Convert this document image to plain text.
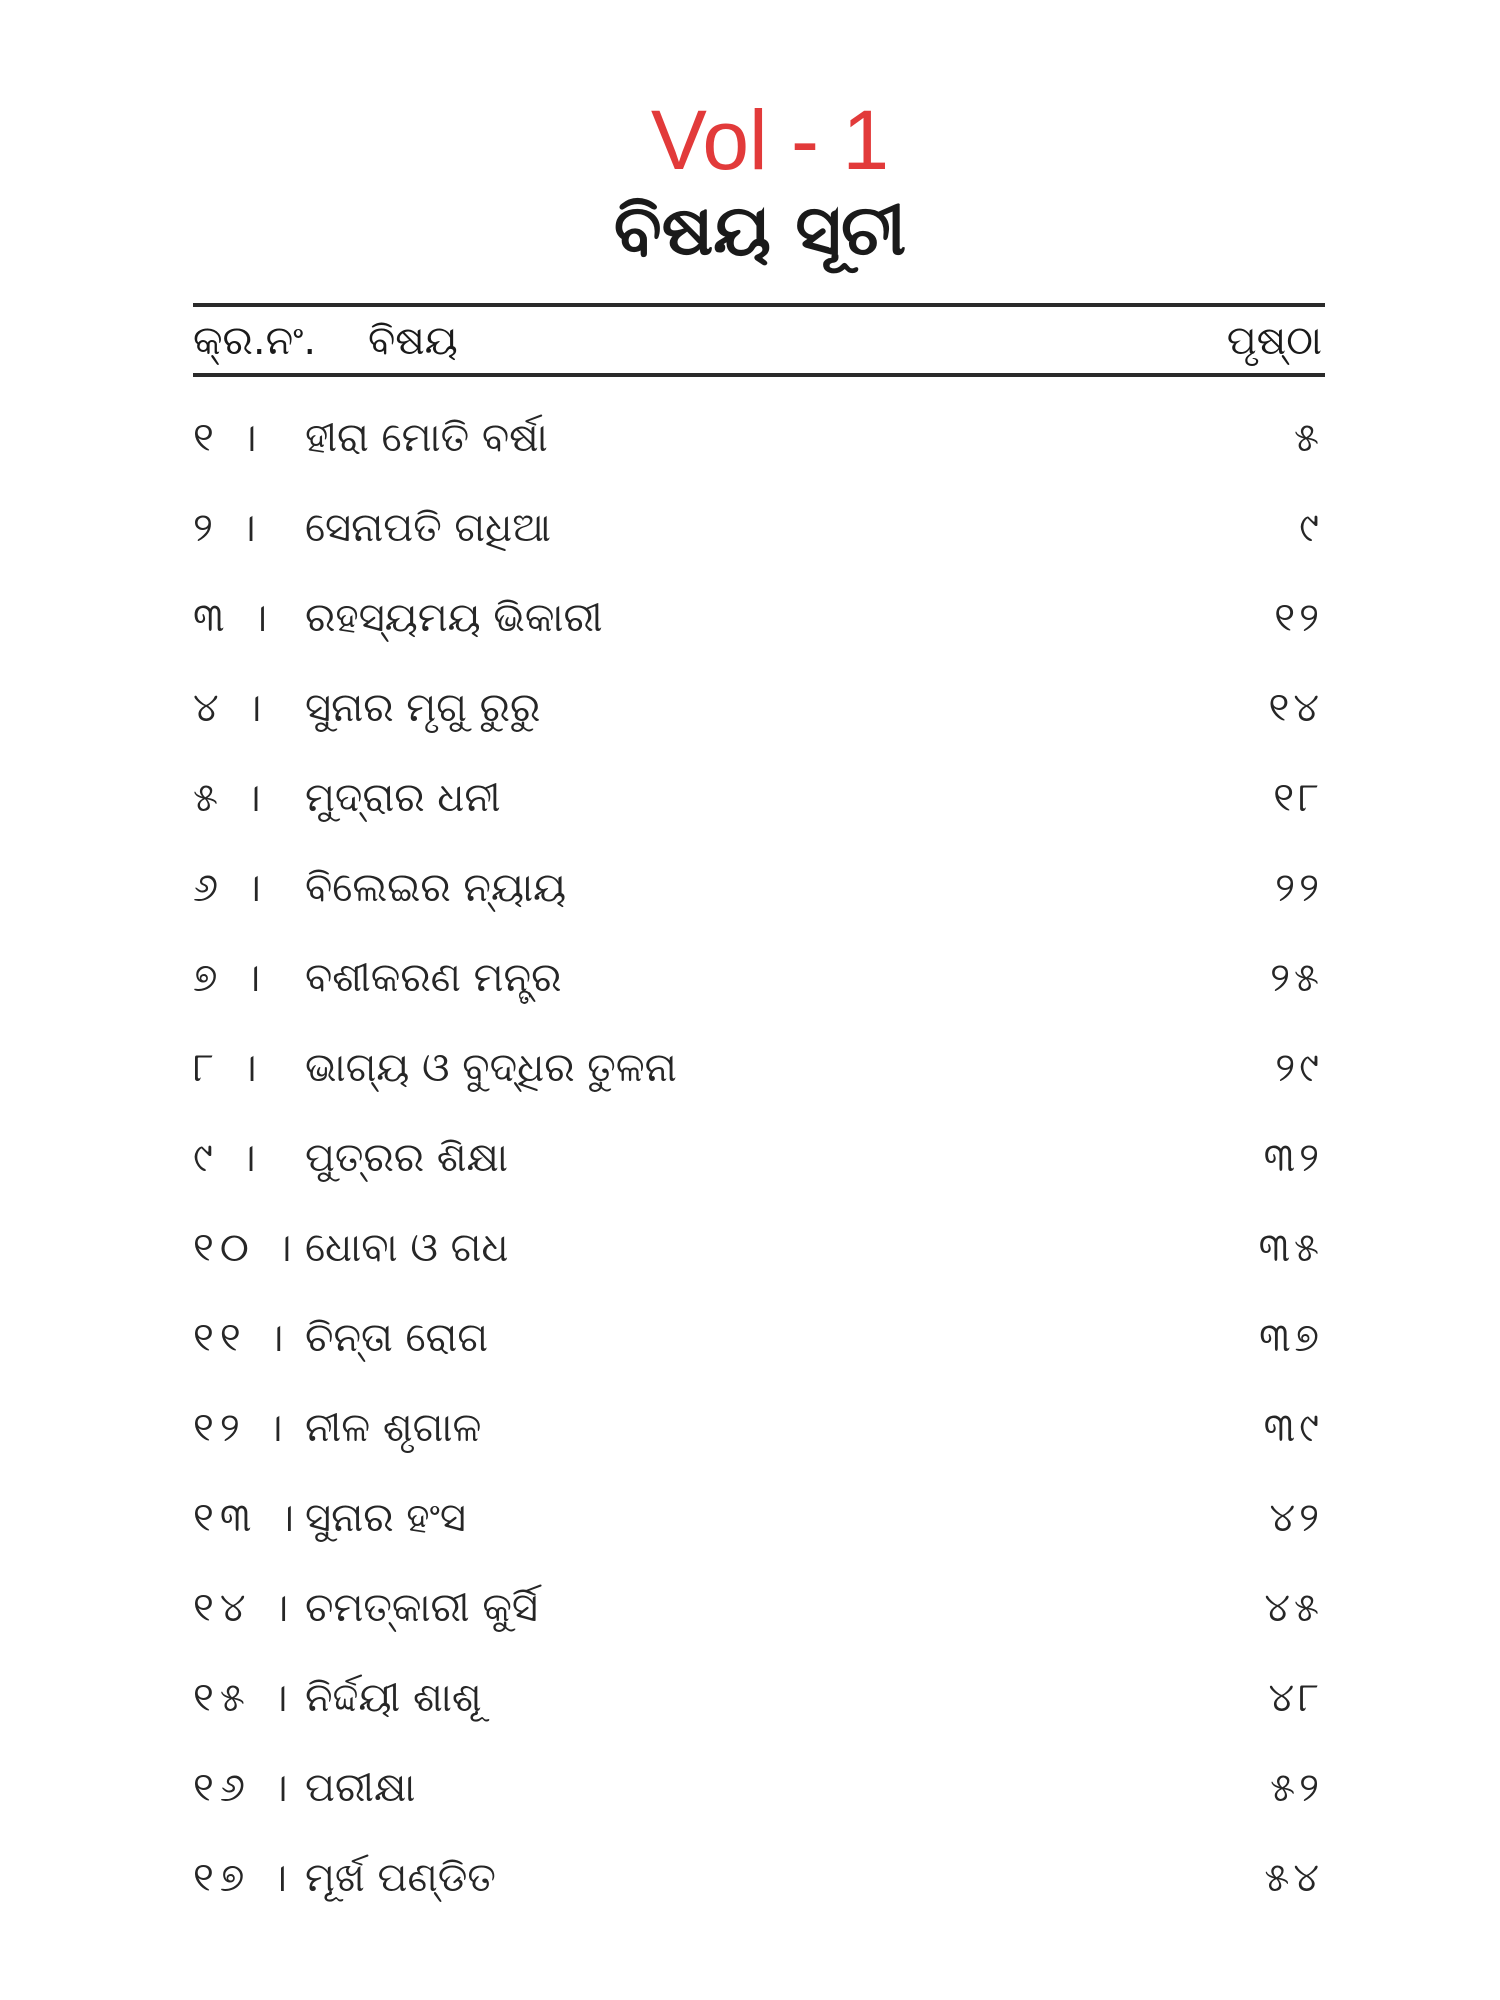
Vol - 1
ବିଷୟ ସୂଚୀ
କ୍ର.ନଂ. ବିଷୟ	ପୃଷ୍ଠା
୧ ।	ହୀରା ମୋତି ବର୍ଷା	୫
୨ ।	ସେନାପତି ଗଧିଆ	୯
୩ । ରହସ୍ୟମୟ ଭିକାରୀ	୧୨
୪ । ସୁନାର ମୃଗୁ ରୁରୁ	୧୪
୫ । ମୁଦ୍ରାର ଧନୀ	୧୮
୬ । ବିଲେଇର ନ୍ୟାୟ	୨୨
୭ । ବଶୀକରଣ ମନ୍ତ୍ର	୨୫
୮ ।	ଭାଗ୍ୟ ଓ ବୁଦ୍ଧିର ତୁଳନା	୨୯
୯ ।	ପୁତ୍ରର ଶିକ୍ଷା	୩୨
୧୦ । ଧୋବା ଓ ଗଧ	୩୫
୧୧ । ଚିନ୍ତା ରୋଗ	୩୭
୧୨ । ନୀଳ ଶୃଗାଳ	୩୯
୧୩ । ସୁନାର ହଂସ	୪୨
୧୪ । ଚମତ୍କାରୀ କୁର୍ସି	୪୫
୧୫ । ନିର୍ଦ୍ଦୟୀ ଶାଶୂ	୪୮
୧୬ । ପରୀକ୍ଷା	୫୨
୧୭ । ମୂର୍ଖ ପଣ୍ଡିତ	୫୪
